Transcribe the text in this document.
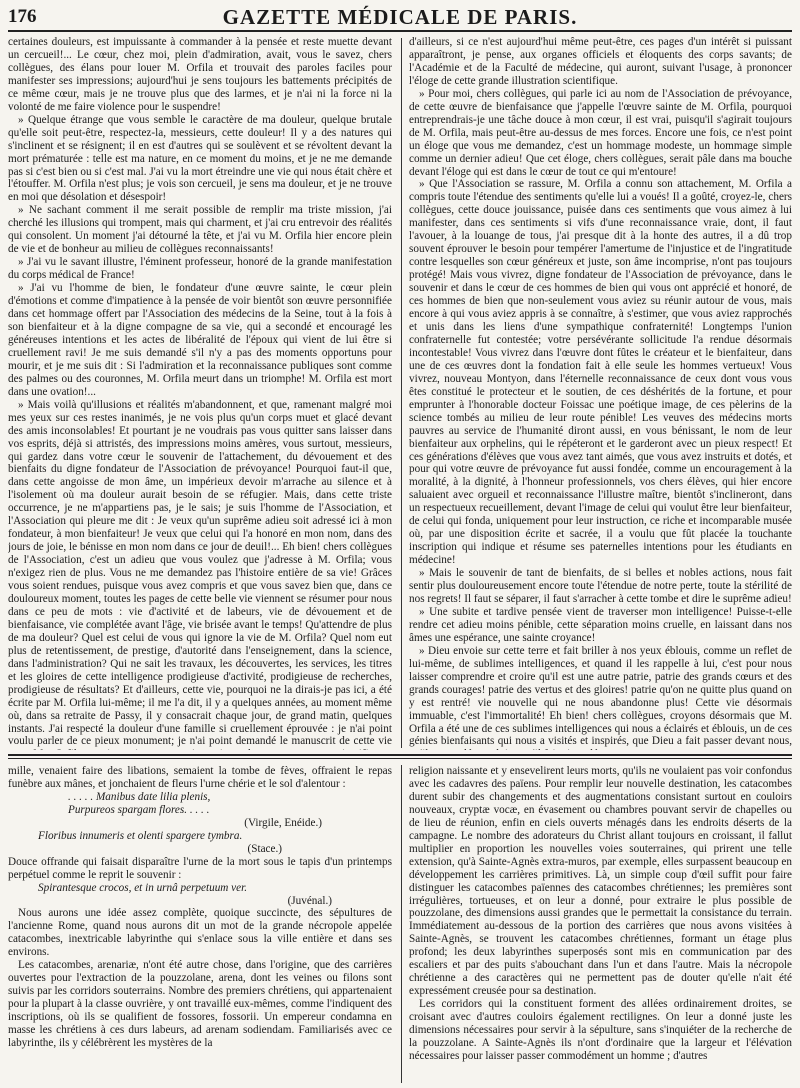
176	GAZETTE MÉDICALE DE PARIS.

certaines douleurs, est impuissante à commander à la pensée et reste muette devant un cercueil!... Le cœur, chez moi, plein d'admiration, avait, vous le savez, chers collègues, des élans pour louer M. Orfila et trouvait des paroles faciles pour manifester ses impressions; aujourd'hui je sens toujours les battements précipités de ce même cœur, mais je ne trouve plus que des larmes, et je n'ai ni la force ni la volonté de me faire violence pour le suspendre!

» Quelque étrange que vous semble le caractère de ma douleur, quelque brutale qu'elle soit peut-être, respectez-la, messieurs, cette douleur! Il y a des natures qui s'inclinent et se résignent; il en est d'autres qui se soulèvent et se révoltent devant la mort prématurée : telle est ma nature, en ce moment du moins, et je ne me demande pas si c'est bien ou si c'est mal. J'ai vu la mort étreindre une vie qui nous était chère et l'étouffer. M. Orfila n'est plus; je vois son cercueil, je sens ma douleur, et je ne trouve en moi que désolation et désespoir!

» Ne sachant comment il me serait possible de remplir ma triste mission, j'ai cherché les illusions qui trompent, mais qui charment, et j'ai cru entrevoir des réalités qui consolent. Un moment j'ai détourné la tête, et j'ai vu M. Orfila hier encore plein de vie et de bonheur au milieu de collègues reconnaissants!

» J'ai vu le savant illustre, l'éminent professeur, honoré de la grande manifestation du corps médical de France!

» J'ai vu l'homme de bien, le fondateur d'une œuvre sainte, le cœur plein d'émotions et comme d'impatience à la pensée de voir bientôt son œuvre personnifiée dans cet hommage offert par l'Association des médecins de la Seine, tout à la fois à son bienfaiteur et à la digne compagne de sa vie, qui a secondé et encouragé les généreuses intentions et les actes de libéralité de l'époux qui vient de lui être si cruellement ravi! Je me suis demandé s'il n'y a pas des moments opportuns pour mourir, et je me suis dit : Si l'admiration et la reconnaissance publiques sont comme des palmes ou des couronnes, M. Orfila meurt dans un triomphe! M. Orfila est mort dans une ovation!...

» Mais voilà qu'illusions et réalités m'abandonnent, et que, ramenant malgré moi mes yeux sur ces restes inanimés, je ne vois plus qu'un corps muet et glacé devant des amis inconsolables! Et pourtant je ne voudrais pas vous quitter sans laisser dans vos esprits, déjà si attristés, des impressions moins amères, vous surtout, messieurs, qui gardez dans votre cœur le souvenir de l'attachement, du dévouement et des bienfaits du digne fondateur de l'Association de prévoyance! Pourquoi faut-il que, dans cette angoisse de mon âme, un impérieux devoir m'arrache au silence et à l'isolement où ma douleur aurait besoin de se réfugier. Mais, dans cette triste occurrence, je ne m'appartiens pas, je le sais; je suis l'homme de l'Association, et l'Association qui pleure me dit : Je veux qu'un suprême adieu soit adressé ici à mon fondateur, à mon bienfaiteur! Je veux que celui qui l'a honoré en mon nom, dans des jours de joie, le bénisse en mon nom dans ce jour de deuil!... Eh bien! chers collègues de l'Association, c'est un adieu que vous voulez que j'adresse à M. Orfila; vous n'exigez rien de plus. Vous ne me demandez pas l'histoire entière de sa vie! Grâces vous soient rendues, puisque vous avez compris et que vous savez bien que, dans ce douloureux moment, toutes les pages de cette belle vie viennent se résumer pour nous dans ce peu de mots : vie d'activité et de labeurs, vie de dévouement et de bienfaisance, vie complétée avant l'âge, vie brisée avant le temps! Qu'attendre de plus de ma douleur? Quel est celui de vous qui ignore la vie de M. Orfila? Quel nom eut plus de retentissement, de prestige, d'autorité dans l'enseignement, dans la science, dans l'administration? Qui ne sait les travaux, les découvertes, les services, les titres et les gloires de cette intelligence prodigieuse d'activité, prodigieuse de recherches, prodigieuse de résultats? Et d'ailleurs, cette vie, pourquoi ne la dirais-je pas ici, a été écrite par M. Orfila lui-même; il me l'a dit, il y a quelques années, au moment même où, dans sa retraite de Passy, il y consacrait chaque jour, de grand matin, quelques instants. J'ai respecté la douleur d'une famille si cruellement éprouvée : je n'ai point voulu parler de ce pieux monument; je n'ai point demandé le manuscrit de cette vie

d'ailleurs, si ce n'est aujourd'hui même peut-être, ces pages d'un intérêt si puissant apparaîtront, je pense, aux organes officiels et éloquents des corps savants; de l'Académie et de la Faculté de médecine, qui auront, suivant l'usage, à prononcer l'éloge de cette grande illustration scientifique.

» Pour moi, chers collègues, qui parle ici au nom de l'Association de prévoyance, de cette œuvre de bienfaisance que j'appelle l'œuvre sainte de M. Orfila, pourquoi entreprendrais-je une tâche douce à mon cœur, il est vrai, puisqu'il s'agirait toujours de M. Orfila, mais peut-être au-dessus de mes forces. Encore une fois, ce n'est point un éloge que vous me demandez, c'est un hommage modeste, un hommage simple comme un dernier adieu! Que cet éloge, chers collègues, serait pâle dans ma bouche devant l'éloge qui est dans le cœur de tout ce qui m'entoure!

» Que l'Association se rassure, M. Orfila a connu son attachement, M. Orfila a compris toute l'étendue des sentiments qu'elle lui a voués! Il a goûté, croyez-le, chers collègues, cette douce jouissance, puisée dans ces sentiments que vous aimez à lui manifester, dans ces sentiments si vifs d'une reconnaissance vraie, dont, il faut l'avouer, à la louange de tous, j'ai presque dit à la honte des autres, il a dû trop souvent éprouver le besoin pour tempérer l'amertume de l'injustice et de l'ingratitude contre lesquelles son cœur généreux et juste, son âme incomprise, n'ont pas toujours protégé! Mais vous vivrez, digne fondateur de l'Association de prévoyance, dans le souvenir et dans le cœur de ces hommes de bien qui vous ont apprécié et honoré, de ces hommes de bien que non-seulement vous aviez su réunir autour de vous, mais encore à qui vous aviez appris à se connaître, à s'estimer, que vous aviez rapprochés et unis dans les liens d'une sympathique confraternité! Longtemps l'union confraternelle fut contestée; votre persévérante sollicitude l'a rendue désormais incontestable! Vous vivrez dans l'œuvre dont fûtes le créateur et le bienfaiteur, dans une de ces œuvres dont la fondation fait à elle seule les hommes vertueux! Vous vivrez, nouveau Montyon, dans l'éternelle reconnaissance de ceux dont vous vous êtes constitué le protecteur et le soutien, de ces déshérités de la fortune, et pour emprunter à l'honorable docteur Foissac une poétique image, de ces pèlerins de la science tombés au milieu de leur route pénible! Les veuves des médecins morts pauvres au service de l'humanité diront aussi, en vous bénissant, le nom de leur bienfaiteur aux orphelins, qui le répéteront et le garderont avec un pieux respect! Et ces générations d'élèves que vous avez tant aimés, que vous avez instruits et dotés, et pour qui votre œuvre de prévoyance fut aussi fondée, comme un encouragement à la moralité, à la dignité, à l'honneur professionnels, vos chers élèves, qui hier encore saluaient avec orgueil et reconnaissance l'illustre maître, bientôt s'inclineront, dans un respectueux recueillement, devant l'image de celui qui voulut être leur bienfaiteur, de celui qui fonda, uniquement pour leur instruction, ce riche et incomparable musée où, par une disposition écrite et sacrée, il a voulu que fût placée la touchante inscription qui indique et résume ses paternelles intentions pour les étudiants en médecine!

» Mais le souvenir de tant de bienfaits, de si belles et nobles actions, nous fait sentir plus douloureusement encore toute l'étendue de notre perte, toute la stérilité de nos regrets! Il faut se séparer, il faut s'arracher à cette tombe et dire le suprême adieu!

» Une subite et tardive pensée vient de traverser mon intelligence! Puisse-t-elle rendre cet adieu moins pénible, cette séparation moins cruelle, en laissant dans nos âmes une espérance, une sainte croyance!

» Dieu envoie sur cette terre et fait briller à nos yeux éblouis, comme un reflet de lui-même, de sublimes intelligences, et quand il les rappelle à lui, c'est pour nous laisser comprendre et croire qu'il est une autre patrie, patrie des grands cœurs et des grands courages! patrie des vertus et des gloires! patrie qu'on ne quitte plus quand on y est rentré! vie nouvelle qui ne nous abandonne plus! Cette vie désormais immuable, c'est l'immortalité! Eh bien! chers collègues, croyons désormais que M. Orfila a été une de ces sublimes intelligences qui nous a éclairés et éblouis, un de ces génies bienfaisants qui nous a visités et inspirés, que Dieu a fait passer devant nous,

mille, venaient faire des libations, semaient la tombe de fèves, offraient le repas funèbre aux mânes, et jonchaient de fleurs l'urne chérie et le sol d'alentour :

. . . . . Manibus date liliа plenis,

Purpureos spargam flores. . . . .

(Virgile, Enéide.)

Floribus innumeris et olenti spargere tymbra.

(Stace.)

Douce offrande qui faisait disparaître l'urne de la mort sous le tapis d'un printemps perpétuel comme le reprit le souvenir :

Spirantesque crocos, et in urnâ perpetuum ver.

(Juvénal.)

Nous aurons une idée assez complète, quoique succincte, des sépultures de l'ancienne Rome, quand nous aurons dit un mot de la grande nécropole appelée catacombes, inextricable labyrinthe qui s'enlace sous la ville entière et dans ses environs.

Les catacombes, arenariæ, n'ont été autre chose, dans l'origine, que des carrières ouvertes pour l'extraction de la pouzzolane, arena, dont les veines ou filons sont suivis par les corridors souterrains. Nombre des premiers chrétiens, qui appartenaient pour la plupart à la classe ouvrière, y ont travaillé eux-mêmes, comme l'indiquent des inscriptions, où ils se qualifient de fossores, fossorii. Un empereur condamna en masse les chrétiens à ces durs labeurs, ad arenam sodiendam. Familiarisés avec ce labyrinthe, ils y célébrèrent les mystères de la

religion naissante et y ensevelirent leurs morts, qu'ils ne voulaient pas voir confondus avec les cadavres des païens. Pour remplir leur nouvelle destination, les catacombes durent subir des changements et des augmentations consistant surtout en couloirs nouveaux, cryptæ vocæ, en évasement ou chambres pouvant servir de chapelles ou de lieu de réunion, enfin en ciels ouverts ménagés dans les endroits déserts de la campagne. Le nombre des adorateurs du Christ allant toujours en croissant, il fallut multiplier en proportion les nouvelles voies souterraines, qui prirent une telle extension, qu'à Sainte-Agnès extra-muros, par exemple, elles surpassent beaucoup en développement les carrières primitives. Là, un simple coup d'œil suffit pour faire distinguer les catacombes païennes des catacombes chrétiennes; les premières sont irrégulières, tortueuses, et on leur a donné, pour extraire le plus possible de pouzzolane, des dimensions aussi grandes que le permettait la consistance du terrain. Immédiatement au-dessous de la portion des carrières que nous avons visitées à Sainte-Agnès, se trouvent les catacombes chrétiennes, formant un étage plus profond; les deux labyrinthes superposés sont mis en communication par des escaliers et par des puits s'abouchant dans l'un et dans l'autre. Mais la nécropole chrétienne a des caractères qui ne permettent pas de douter qu'elle n'ait été expressément creusée pour sa destination.

Les corridors qui la constituent forment des allées ordinairement droites, se croisant avec d'autres couloirs également rectilignes. On leur a donné juste les dimensions nécessaires pour servir à la sépulture, sans s'inquiéter de la recherche de la pouzzolane. A Sainte-Agnès ils n'ont d'ordinaire que la largeur et l'élévation nécessaires pour laisser passer commodément un homme ; d'autres
